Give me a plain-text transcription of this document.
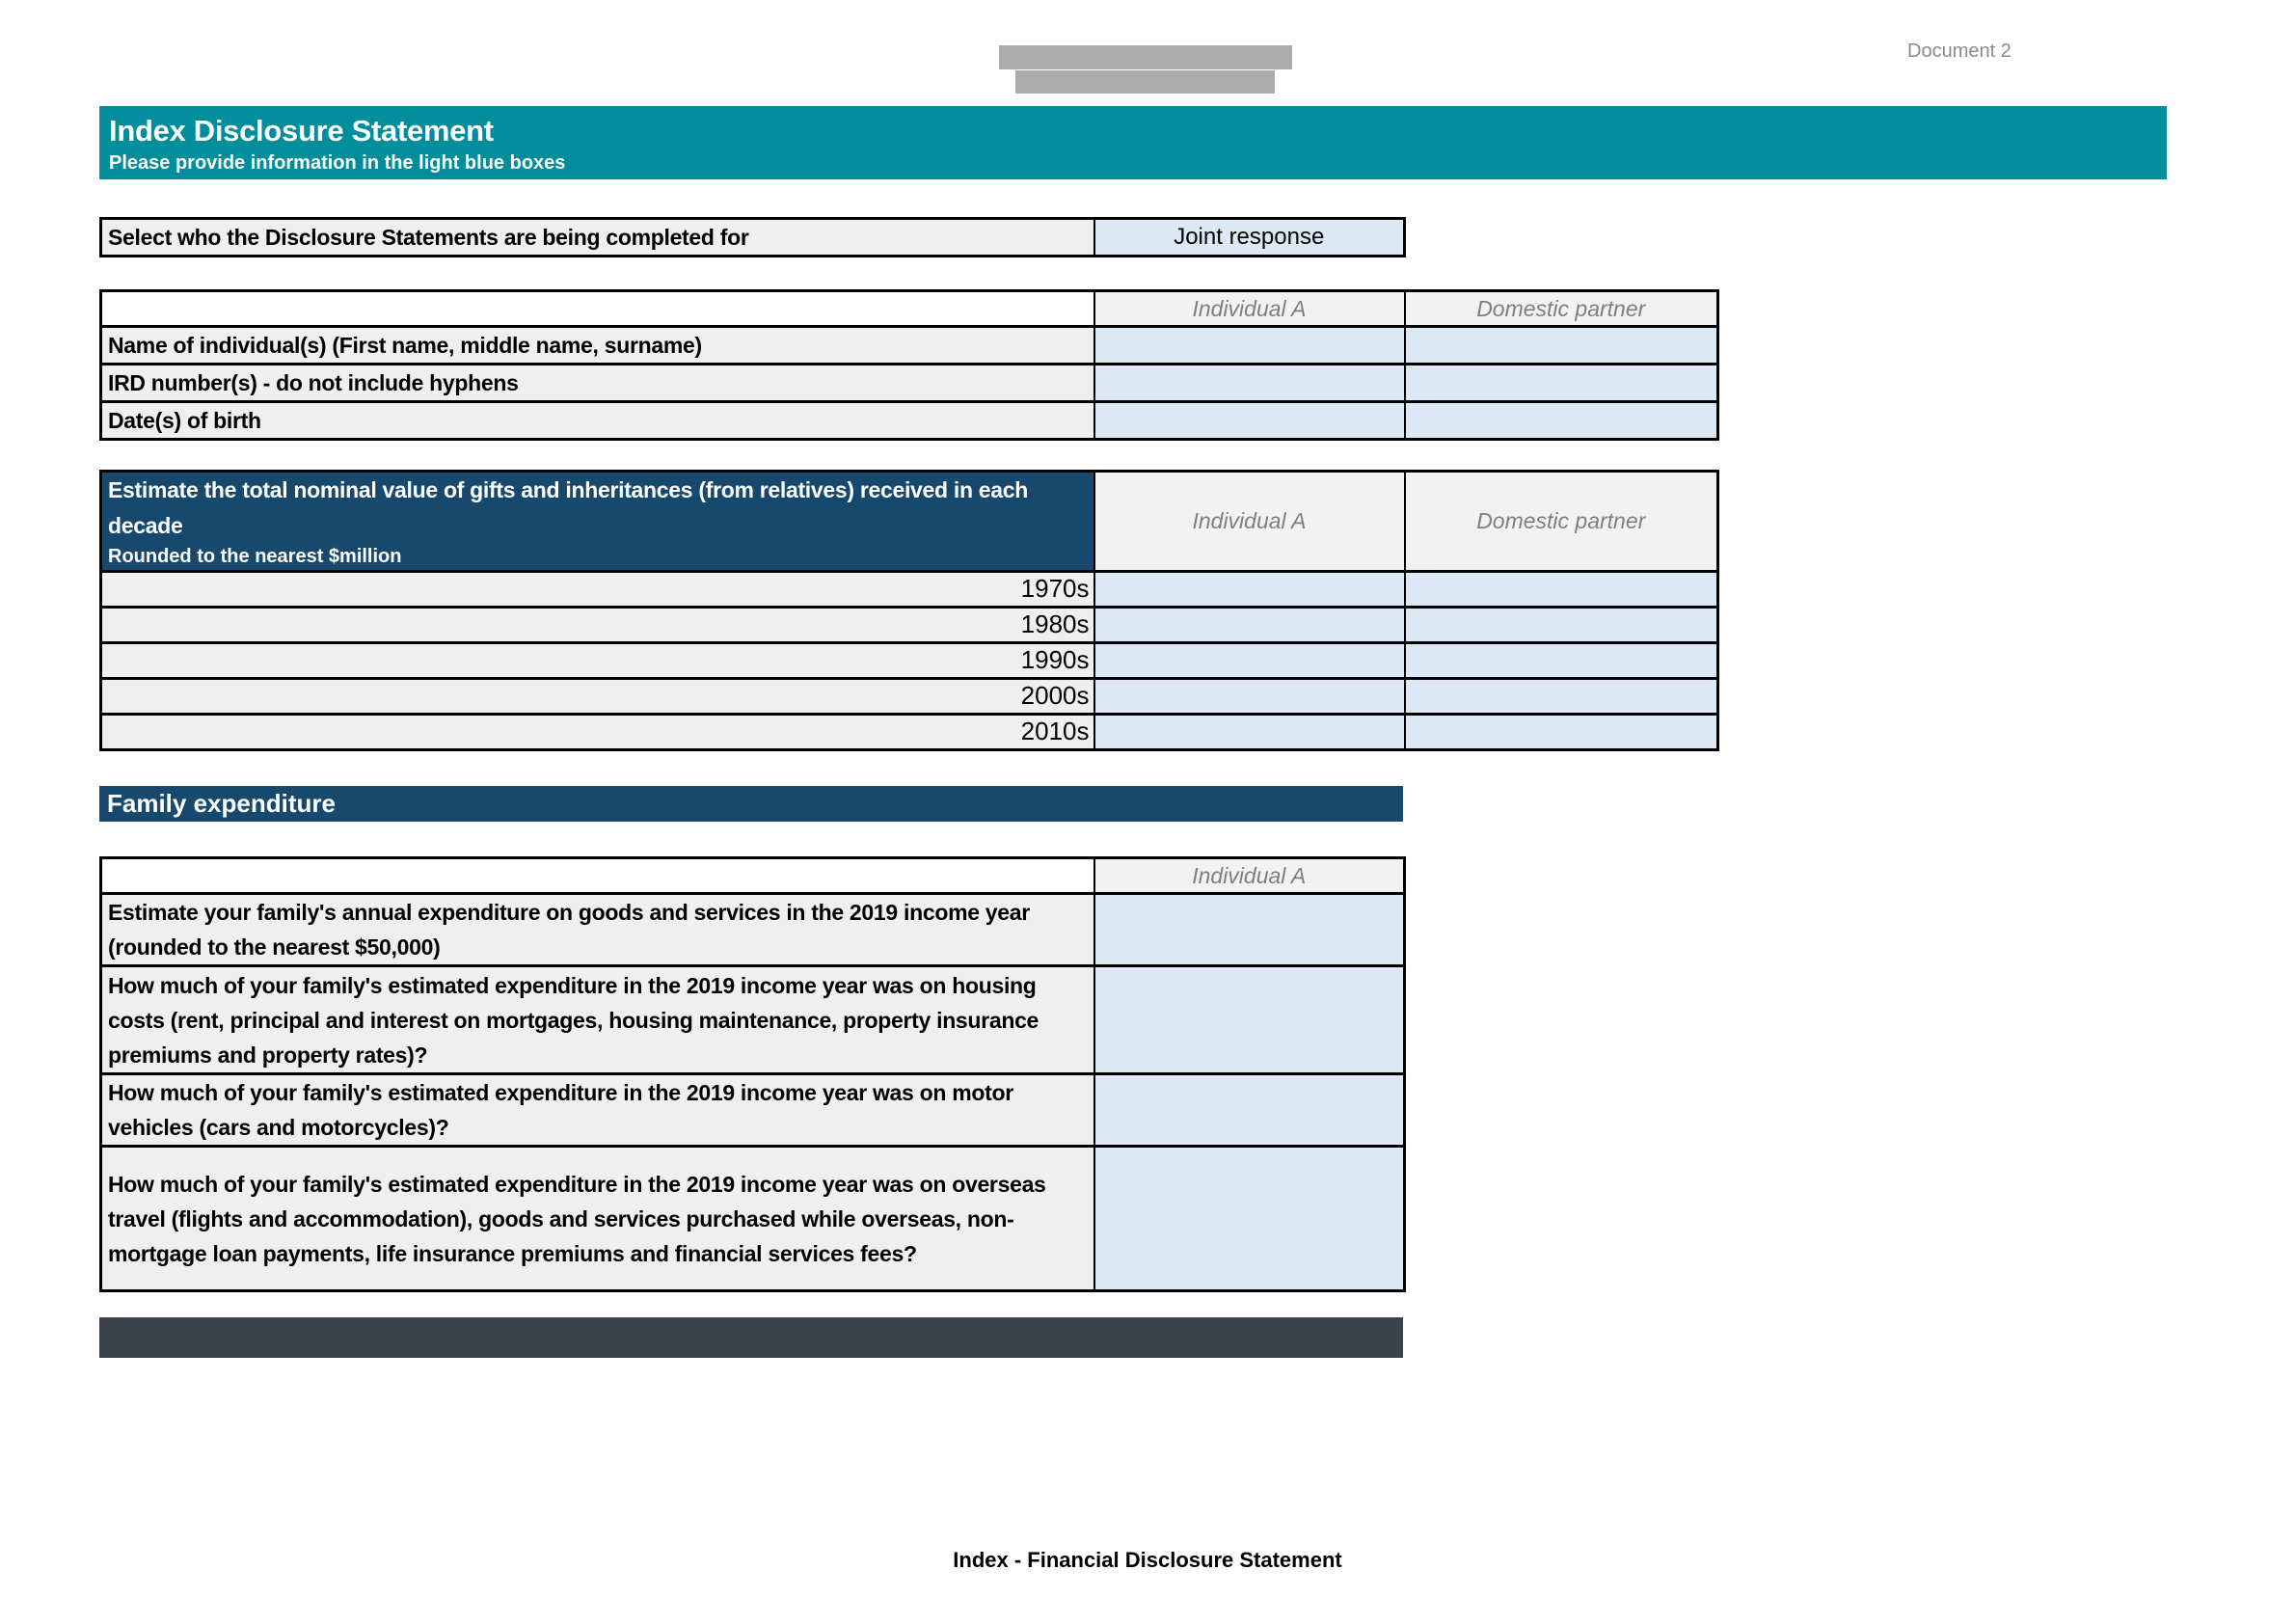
Document 2
Index Disclosure Statement
Please provide information in the light blue boxes
Select who the Disclosure Statements are being completed for	Joint response
	Individual A	Domestic partner
Name of individual(s) (First name, middle name, surname)		
IRD number(s) - do not include hyphens		
Date(s) of birth		
Estimate the total nominal value of gifts and inheritances (from relatives) received in each decade	Individual A	Domestic partner
Rounded to the nearest $million		
1970s		
1980s		
1990s		
2000s		
2010s		
Family expenditure
	Individual A
Estimate your family's annual expenditure on goods and services in the 2019 income year (rounded to the nearest $50,000)	
How much of your family's estimated expenditure in the 2019 income year was on housing costs (rent, principal and interest on mortgages, housing maintenance, property insurance premiums and property rates)?	
How much of your family's estimated expenditure in the 2019 income year was on motor vehicles (cars and motorcycles)?	
How much of your family's estimated expenditure in the 2019 income year was on overseas travel (flights and accommodation), goods and services purchased while overseas, non-mortgage loan payments, life insurance premiums and financial services fees?	
Index - Financial Disclosure Statement
